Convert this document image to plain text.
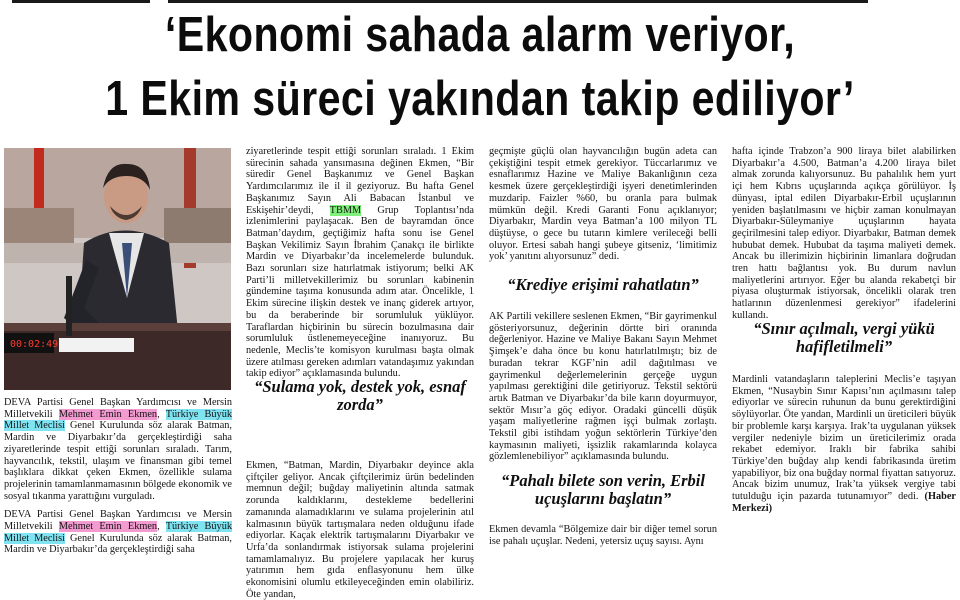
‘Ekonomi sahada alarm veriyor,
1 Ekim süreci yakından takip ediliyor’
00:02:49

DEVA Partisi Genel Başkan Yardımcısı ve Mersin Milletvekili Mehmet Emin Ekmen, Türkiye Büyük Millet Meclisi Genel Kurulunda söz alarak Batman, Mardin ve Diyarbakır’da gerçekleştirdiği saha ziyaretlerinde tespit ettiği sorunları sıraladı. Tarım, hayvancılık, tekstil, ulaşım ve finansman gibi temel başlıklara dikkat çeken Ekmen, özellikle sulama projelerinin tamamlanmamasının bölgede ekonomik ve sosyal tıkanma yarattığını vurguladı.

DEVA Partisi Genel Başkan Yardımcısı ve Mersin Milletvekili Mehmet Emin Ekmen, Türkiye Büyük Millet Meclisi Genel Kurulunda söz alarak Batman, Mardin ve Diyarbakır’da gerçekleştirdiği saha

ziyaretlerinde tespit ettiği sorunları sıraladı. 1 Ekim sürecinin sahada yansımasına değinen Ekmen, “Bir süredir Genel Başkanımız ve Genel Başkan Yardımcılarımız ile il il geziyoruz. Bu hafta Genel Başkanımız Sayın Ali Babacan İstanbul ve Eskişehir’deydi, TBMM Grup Toplantısı’nda izlenimlerini paylaşacak. Ben de bayramdan önce Batman’daydım, geçtiğimiz hafta sonu ise Genel Başkan Vekilimiz Sayın İbrahim Çanakçı ile birlikte Mardin ve Diyarbakır’da incelemelerde bulunduk. Bazı sorunları size hatırlatmak istiyorum; belki AK Parti’li milletvekillerimiz bu sorunları kabinenin gündemine taşıma konusunda adım atar. Öncelikle, 1 Ekim sürecine ilişkin destek ve inanç giderek artıyor, bu da beraberinde bir sorumluluk yüklüyor. Taraflardan hiçbirinin bu sürecin bozulmasına dair sorumluluk üstlenemeyeceğine inanıyoruz. Bu nedenle, Meclis’te komisyon kurulması başta olmak üzere atılması gereken adımları vatandaşımız yakından takip ediyor” açıklamasında bulundu.

“Sulama yok, destek yok, esnaf zorda”

Ekmen, “Batman, Mardin, Diyarbakır deyince akla çiftçiler geliyor. Ancak çiftçilerimiz ürün bedelinden memnun değil; buğday maliyetinin altında satmak zorunda kaldıklarını, destekleme bedellerini zamanında alamadıklarını ve sulama projelerinin atıl kalmasının büyük tartışmalara neden olduğunu ifade ediyorlar. Kaçak elektrik tartışmalarını Diyarbakır ve Urfa’da sonlandırmak istiyorsak sulama projelerini tamamlamalıyız. Bu projelere yapılacak her kuruş yatırımın hem gıda enflasyonunu hem ülke ekonomisini olumlu etkileyeceğinden emin olabiliriz. Öte yandan,

geçmişte güçlü olan hayvancılığın bugün adeta can çekiştiğini tespit etmek gerekiyor. Tüccarlarımız ve esnaflarımız Hazine ve Maliye Bakanlığının ceza kesmek üzere gerçekleştirdiği işyeri denetimlerinden muzdarip. Faizler %60, bu oranla para bulmak mümkün değil. Kredi Garanti Fonu açıklanıyor; Diyarbakır, Mardin veya Batman’a 100 milyon TL düştüyse, o gece bu tutarın kimlere verileceği belli oluyor. Ertesi sabah hangi şubeye gitseniz, ‘limitimiz yok’ yanıtını alıyorsunuz” dedi.

“Krediye erişimi rahatlatın”

AK Partili vekillere seslenen Ekmen, “Bir gayrimenkul gösteriyorsunuz, değerinin dörtte biri oranında değerleniyor. Hazine ve Maliye Bakanı Sayın Mehmet Şimşek’e daha önce bu konu hatırlatılmıştı; biz de buradan tekrar KGF’nin adil dağıtılması ve gayrimenkul değerlemelerinin gerçeğe uygun yapılması gerektiğini dile getiriyoruz. Tekstil sektörü artık Batman ve Diyarbakır’da bile karın doyurmuyor, sektör Mısır’a göç ediyor. Oradaki güncelli düşük yaşam maliyetlerine rağmen işçi bulmak zorlaştı. Tekstil gibi istihdam yoğun sektörlerin Türkiye’den kaymasının maliyeti, işsizlik rakamlarında kolayca gözlemlenebiliyor” açıklamasında bulundu.

“Pahalı bilete son verin, Erbil uçuşlarını başlatın”

Ekmen devamla “Bölgemize dair bir diğer temel sorun ise pahalı uçuşlar. Nedeni, yetersiz uçuş sayısı. Aynı

hafta içinde Trabzon’a 900 liraya bilet alabilirken Diyarbakır’a 4.500, Batman’a 4.200 liraya bilet almak zorunda kalıyorsunuz. Bu pahalılık hem yurt içi hem Kıbrıs uçuşlarında açıkça görülüyor. İş dünyası, iptal edilen Diyarbakır-Erbil uçuşlarının yeniden başlatılmasını ve hiçbir zaman konulmayan Diyarbakır-Süleymaniye uçuşlarının hayata geçirilmesini talep ediyor. Diyarbakır, Batman demek hububat demek. Hububat da taşıma maliyeti demek. Ancak bu illerimizin hiçbirinin limanlara doğrudan tren hattı bağlantısı yok. Bu durum navlun maliyetlerini artırıyor. Eğer bu alanda rekabetçi bir piyasa oluşturmak istiyorsak, öncelikli olarak tren hatlarının düzenlenmesi gerekiyor” ifadelerini kullandı.

“Sınır açılmalı, vergi yükü hafifletilmeli”

Mardinli vatandaşların taleplerini Meclis’e taşıyan Ekmen, “Nusaybin Sınır Kapısı’nın açılmasını talep ediyorlar ve sürecin ruhunun da bunu gerektirdiğini söylüyorlar. Öte yandan, Mardinli un üreticileri büyük bir problemle karşı karşıya. Irak’ta uygulanan yüksek vergiler nedeniyle bizim un üreticilerimiz orada rekabet edemiyor. Iraklı bir fabrika sahibi Türkiye’den buğday alıp kendi fabrikasında üretim yapabiliyor, biz ona buğday normal fiyattan satıyoruz. Ancak bizim unumuz, Irak’ta yüksek vergiye tabi tutulduğu için pazarda tutunamıyor” dedi. (Haber Merkezi)
